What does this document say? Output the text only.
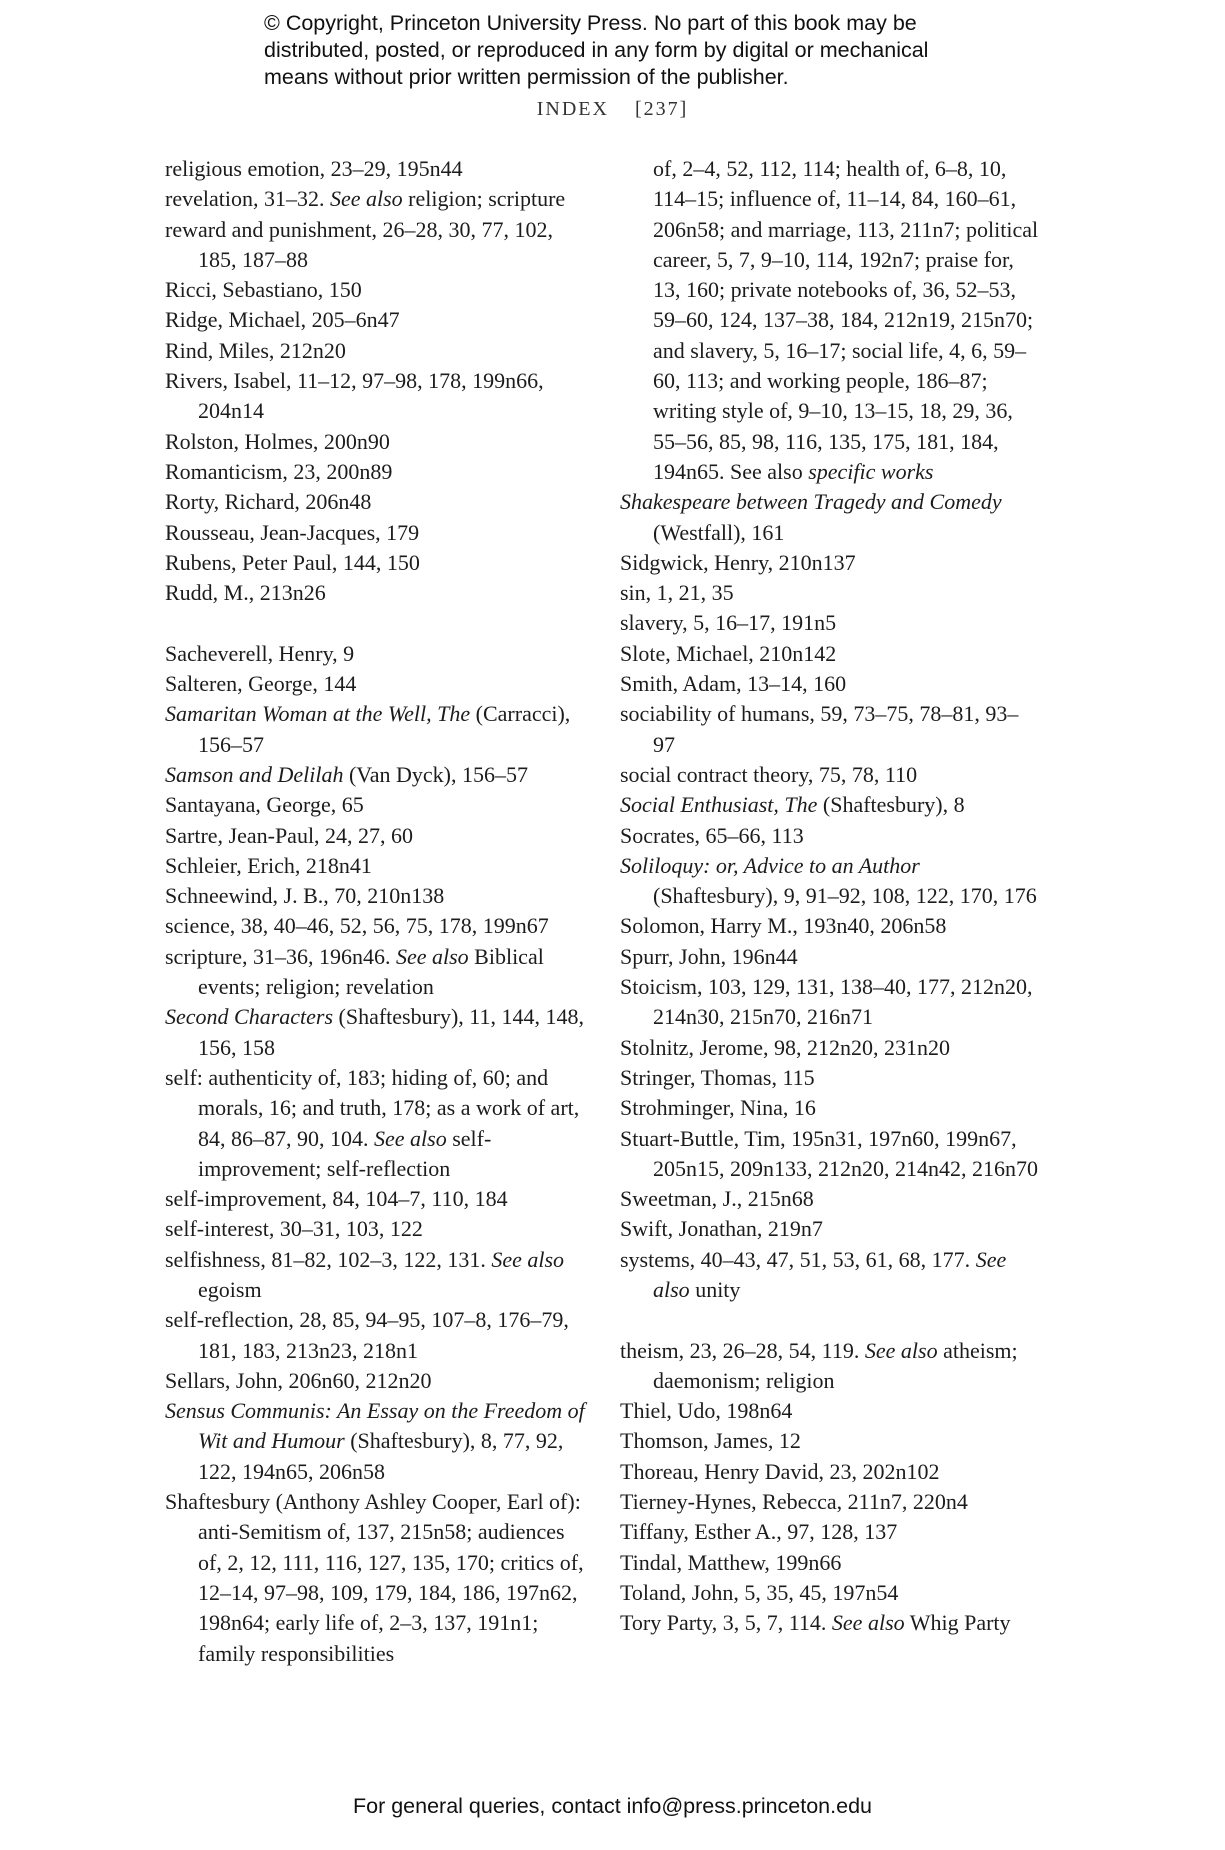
© Copyright, Princeton University Press. No part of this book may be
distributed, posted, or reproduced in any form by digital or mechanical
means without prior written permission of the publisher.
INDEX [237]

religious emotion, 23–29, 195n44

revelation, 31–32. See also religion; scripture

reward and punishment, 26–28, 30, 77, 102, 185, 187–88

Ricci, Sebastiano, 150

Ridge, Michael, 205–6n47

Rind, Miles, 212n20

Rivers, Isabel, 11–12, 97–98, 178, 199n66, 204n14

Rolston, Holmes, 200n90

Romanticism, 23, 200n89

Rorty, Richard, 206n48

Rousseau, Jean-Jacques, 179

Rubens, Peter Paul, 144, 150

Rudd, M., 213n26

Sacheverell, Henry, 9

Salteren, George, 144

Samaritan Woman at the Well, The (Carracci), 156–57

Samson and Delilah (Van Dyck), 156–57

Santayana, George, 65

Sartre, Jean-Paul, 24, 27, 60

Schleier, Erich, 218n41

Schneewind, J. B., 70, 210n138

science, 38, 40–46, 52, 56, 75, 178, 199n67

scripture, 31–36, 196n46. See also Biblical events; religion; revelation

Second Characters (Shaftesbury), 11, 144, 148, 156, 158

self: authenticity of, 183; hiding of, 60; and morals, 16; and truth, 178; as a work of art, 84, 86–87, 90, 104. See also self-improvement; self-reflection

self-improvement, 84, 104–7, 110, 184

self-interest, 30–31, 103, 122

selfishness, 81–82, 102–3, 122, 131. See also egoism

self-reflection, 28, 85, 94–95, 107–8, 176–79, 181, 183, 213n23, 218n1

Sellars, John, 206n60, 212n20

Sensus Communis: An Essay on the Freedom of Wit and Humour (Shaftesbury), 8, 77, 92, 122, 194n65, 206n58

Shaftesbury (Anthony Ashley Cooper, Earl of): anti-Semitism of, 137, 215n58; audiences of, 2, 12, 111, 116, 127, 135, 170; critics of, 12–14, 97–98, 109, 179, 184, 186, 197n62, 198n64; early life of, 2–3, 137, 191n1; family responsibilities

of, 2–4, 52, 112, 114; health of, 6–8, 10, 114–15; influence of, 11–14, 84, 160–61, 206n58; and marriage, 113, 211n7; political career, 5, 7, 9–10, 114, 192n7; praise for, 13, 160; private notebooks of, 36, 52–53, 59–60, 124, 137–38, 184, 212n19, 215n70; and slavery, 5, 16–17; social life, 4, 6, 59–60, 113; and working people, 186–87; writing style of, 9–10, 13–15, 18, 29, 36, 55–56, 85, 98, 116, 135, 175, 181, 184, 194n65. See also specific works

Shakespeare between Tragedy and Comedy (Westfall), 161

Sidgwick, Henry, 210n137

sin, 1, 21, 35

slavery, 5, 16–17, 191n5

Slote, Michael, 210n142

Smith, Adam, 13–14, 160

sociability of humans, 59, 73–75, 78–81, 93–97

social contract theory, 75, 78, 110

Social Enthusiast, The (Shaftesbury), 8

Socrates, 65–66, 113

Soliloquy: or, Advice to an Author (Shaftesbury), 9, 91–92, 108, 122, 170, 176

Solomon, Harry M., 193n40, 206n58

Spurr, John, 196n44

Stoicism, 103, 129, 131, 138–40, 177, 212n20, 214n30, 215n70, 216n71

Stolnitz, Jerome, 98, 212n20, 231n20

Stringer, Thomas, 115

Strohminger, Nina, 16

Stuart-Buttle, Tim, 195n31, 197n60, 199n67, 205n15, 209n133, 212n20, 214n42, 216n70

Sweetman, J., 215n68

Swift, Jonathan, 219n7

systems, 40–43, 47, 51, 53, 61, 68, 177. See also unity

theism, 23, 26–28, 54, 119. See also atheism; daemonism; religion

Thiel, Udo, 198n64

Thomson, James, 12

Thoreau, Henry David, 23, 202n102

Tierney-Hynes, Rebecca, 211n7, 220n4

Tiffany, Esther A., 97, 128, 137

Tindal, Matthew, 199n66

Toland, John, 5, 35, 45, 197n54

Tory Party, 3, 5, 7, 114. See also Whig Party

For general queries, contact info@press.princeton.edu
